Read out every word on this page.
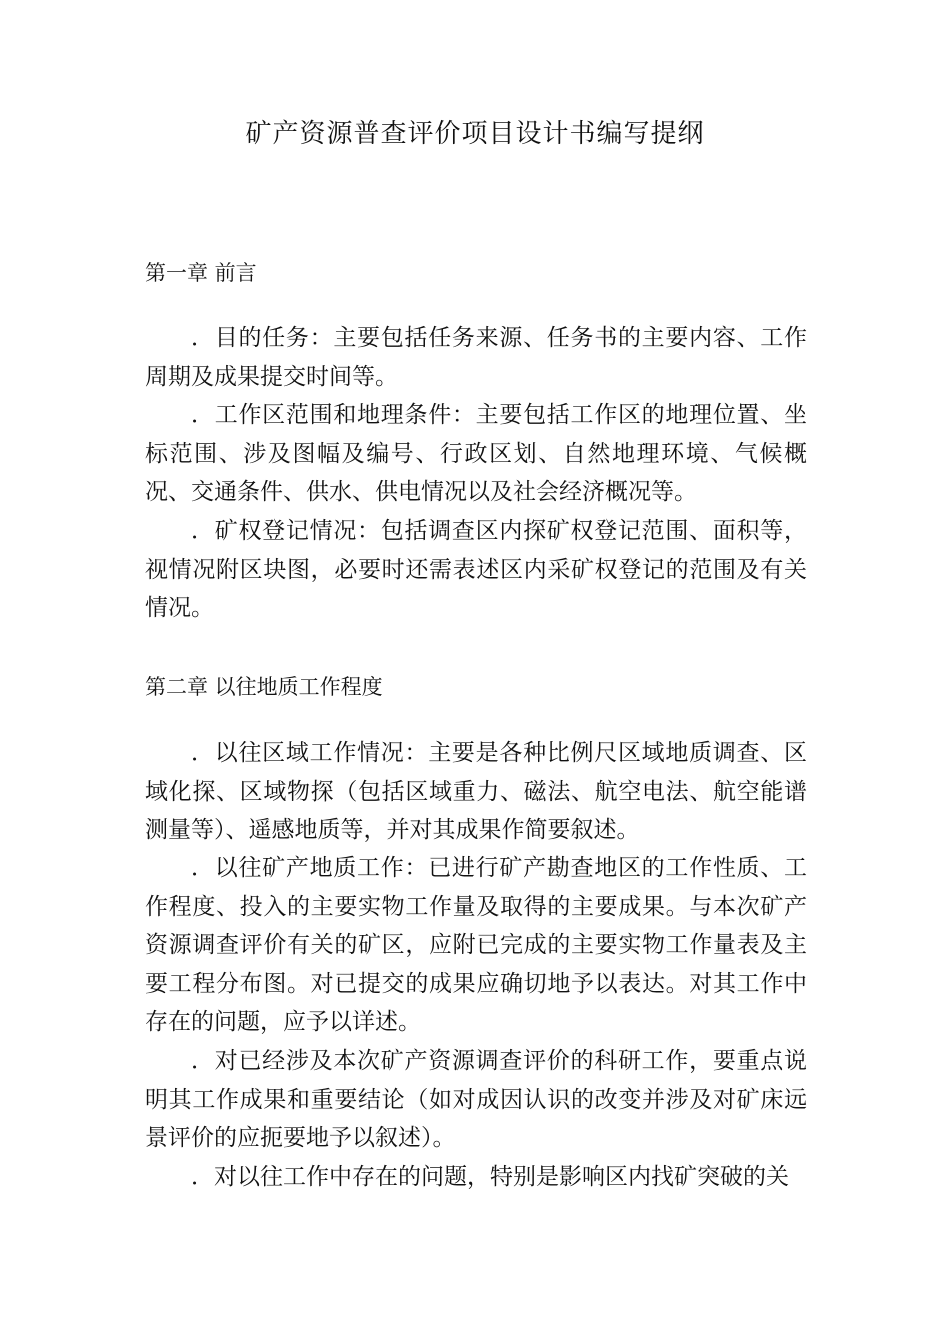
矿产资源普查评价项目设计书编写提纲
第一章 前言

．目的任务：主要包括任务来源、任务书的主要内容、工作周期及成果提交时间等。

．工作区范围和地理条件：主要包括工作区的地理位置、坐标范围、涉及图幅及编号、行政区划、自然地理环境、气候概况、交通条件、供水、供电情况以及社会经济概况等。

．矿权登记情况：包括调查区内探矿权登记范围、面积等，视情况附区块图，必要时还需表述区内采矿权登记的范围及有关情况。

第二章 以往地质工作程度

．以往区域工作情况：主要是各种比例尺区域地质调查、区域化探、区域物探（包括区域重力、磁法、航空电法、航空能谱测量等）、遥感地质等，并对其成果作简要叙述。

．以往矿产地质工作：已进行矿产勘查地区的工作性质、工作程度、投入的主要实物工作量及取得的主要成果。与本次矿产资源调查评价有关的矿区，应附已完成的主要实物工作量表及主要工程分布图。对已提交的成果应确切地予以表达。对其工作中存在的问题，应予以详述。

．对已经涉及本次矿产资源调查评价的科研工作，要重点说明其工作成果和重要结论（如对成因认识的改变并涉及对矿床远景评价的应扼要地予以叙述）。

．对以往工作中存在的问题，特别是影响区内找矿突破的关
